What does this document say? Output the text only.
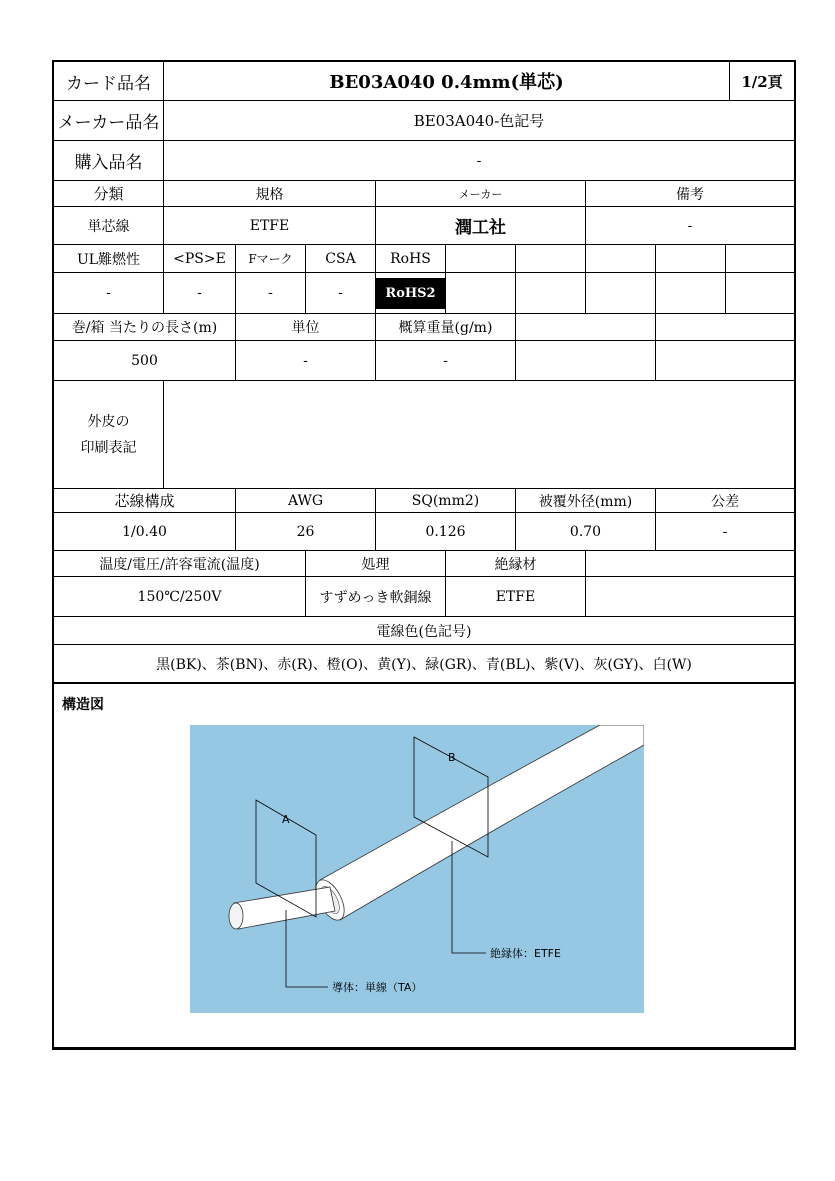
カード品名	BE03A040 0.4mm(単芯)	1/2頁
メーカー品名	BE03A040-色記号
購入品名	-
分類	規格	メーカー	備考
単芯線	ETFE	潤工社	-
UL難燃性	<PS>E	Fマーク	CSA	RoHS
-	-	-	-	RoHS2
巻/箱 当たりの長さ(m)	単位	概算重量(g/m)
500	-	-
外皮の
印刷表記
芯線構成	AWG	SQ(mm2)	被覆外径(mm)	公差
1/0.40	26	0.126	0.70	-
温度/電圧/許容電流(温度)	処理	絶縁材
150℃/250V	すずめっき軟銅線	ETFE
電線色(色記号)
黒(BK)、茶(BN)、赤(R)、橙(O)、黄(Y)、緑(GR)、青(BL)、紫(V)、灰(GY)、白(W)
構造図
A
B
絶縁体：ETFE
導体：単線（TA）
